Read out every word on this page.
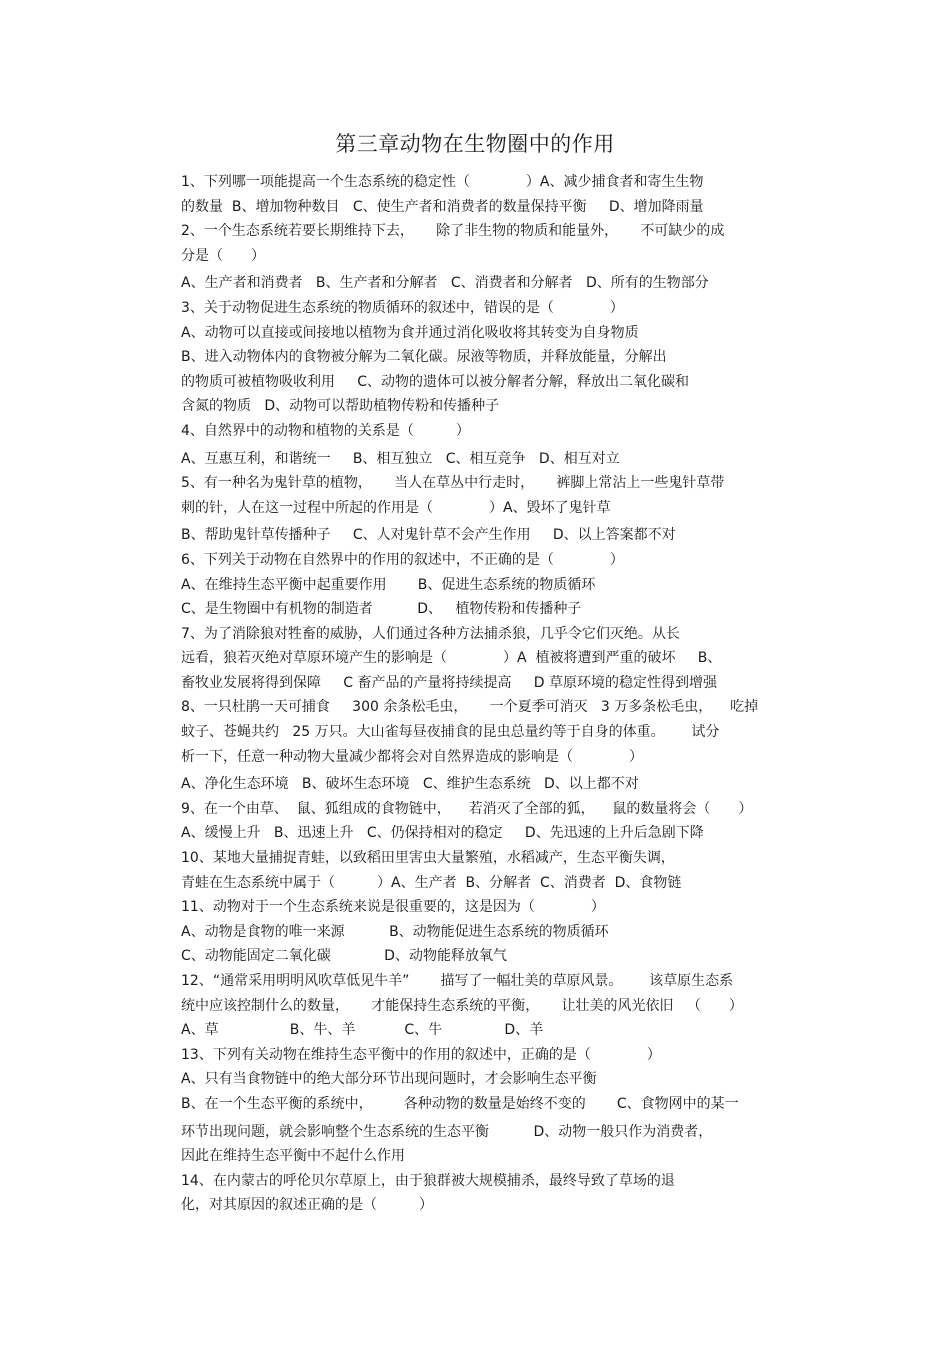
第三章动物在生物圈中的作用
1、下列哪一项能提高一个生态系统的稳定性（　　　　）A、减少捕食者和寄生生物
的数量  B、增加物种数目   C、使生产者和消费者的数量保持平衡     D、增加降雨量
2、一个生态系统若要长期维持下去，     除了非生物的物质和能量外，     不可缺少的成
分是（　　）
A、生产者和消费者   B、生产者和分解者   C、消费者和分解者   D、所有的生物部分
3、关于动物促进生态系统的物质循环的叙述中，错误的是（　　　　）
A、动物可以直接或间接地以植物为食并通过消化吸收将其转变为自身物质
B、进入动物体内的食物被分解为二氧化碳。尿液等物质，并释放能量，分解出
的物质可被植物吸收利用     C、动物的遗体可以被分解者分解，释放出二氧化碳和
含氮的物质   D、动物可以帮助植物传粉和传播种子
4、自然界中的动物和植物的关系是（　　　）
A、互惠互利，和谐统一     B、相互独立   C、相互竞争   D、相互对立
5、有一种名为鬼针草的植物，     当人在草丛中行走时，     裤脚上常沾上一些鬼针草带
刺的针，人在这一过程中所起的作用是（　　　　）A、毁坏了鬼针草
B、帮助鬼针草传播种子     C、人对鬼针草不会产生作用     D、以上答案都不对
6、下列关于动物在自然界中的作用的叙述中，不正确的是（　　　　）
A、在维持生态平衡中起重要作用       B、促进生态系统的物质循环
C、是生物圈中有机物的制造者          D、   植物传粉和传播种子
7、为了消除狼对牲畜的威胁，人们通过各种方法捕杀狼，几乎令它们灭绝。从长
远看，狼若灭绝对草原环境产生的影响是（　　　　）A  植被将遭到严重的破坏     B、
畜牧业发展将得到保障     C 畜产品的产量将持续提高     D 草原环境的稳定性得到增强
8、一只杜鹃一天可捕食     300 余条松毛虫，     一个夏季可消灭   3 万多条松毛虫，    吃掉
蚊子、苍蝇共约   25 万只。大山雀每昼夜捕食的昆虫总量约等于自身的体重。      试分
析一下，任意一种动物大量减少都将会对自然界造成的影响是（　　　　）
A、净化生态环境   B、破坏生态环境   C、维护生态系统   D、以上都不对
9、在一个由草、  鼠、狐组成的食物链中，    若消灭了全部的狐，    鼠的数量将会（　　）
A、缓慢上升   B、迅速上升   C、仍保持相对的稳定     D、先迅速的上升后急剧下降
10、某地大量捕捉青蛙，以致稻田里害虫大量繁殖，水稻减产，生态平衡失调，
青蛙在生态系统中属于（　　　）A、生产者  B、分解者  C、消费者  D、食物链
11、动物对于一个生态系统来说是很重要的，这是因为（　　　　）
A、动物是食物的唯一来源          B、动物能促进生态系统的物质循环
C、动物能固定二氧化碳            D、动物能释放氧气
12、“通常采用明明风吹草低见牛羊”       描写了一幅壮美的草原风景。      该草原生态系
统中应该控制什么的数量，     才能保持生态系统的平衡，     让壮美的风光依旧   （　　）
A、草                B、牛、羊           C、牛              D、羊
13、下列有关动物在维持生态平衡中的作用的叙述中，正确的是（　　　　）
A、只有当食物链中的绝大部分环节出现问题时，才会影响生态平衡
B、在一个生态平衡的系统中，       各种动物的数量是始终不变的       C、食物网中的某一
环节出现问题，就会影响整个生态系统的生态平衡          D、动物一般只作为消费者，
因此在维持生态平衡中不起什么作用
14、在内蒙古的呼伦贝尔草原上，由于狼群被大规模捕杀，最终导致了草场的退
化，对其原因的叙述正确的是（　　　）
